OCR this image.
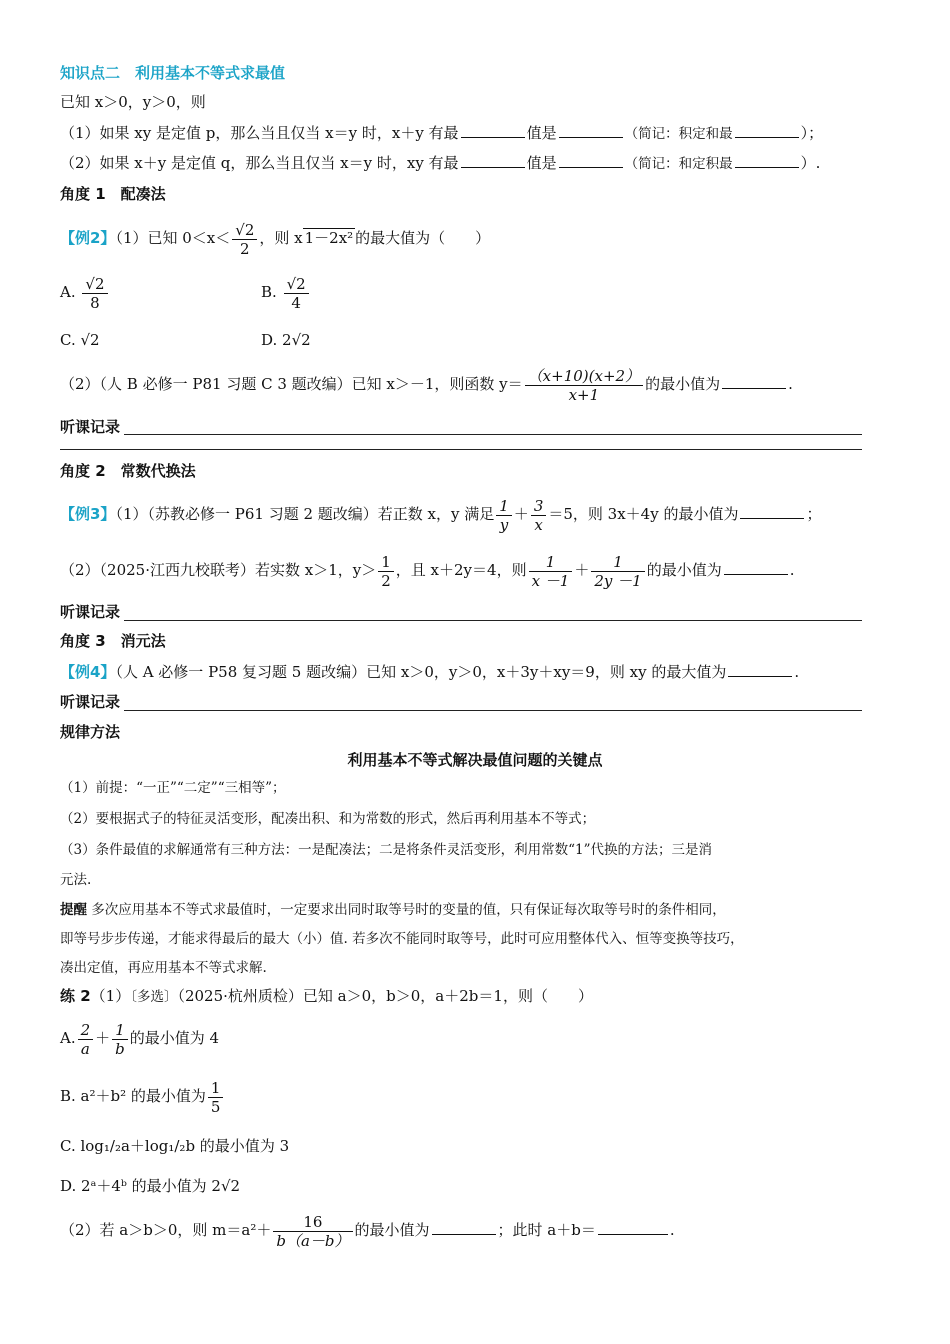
知识点二　利用基本不等式求最值
已知 x＞0，y＞0，则
（1）如果 xy 是定值 p，那么当且仅当 x＝y 时，x＋y 有最	值是	（简记：积定和最	）；
（2）如果 x＋y 是定值 q，那么当且仅当 x＝y 时，xy 有最	值是	（简记：和定积最	）.
角度 1　配凑法
【例2】（1）已知 $0<x< \frac{√2}{2}$ ，则 x 1－2x² 的最大值为（　　）
A. $\frac{√2}{8}$	B. $\frac{√2}{4}$
C. √2	D. 2√2
（2）（人 B 必修一 P81 习题 C 3 题改编）已知 x＞－1，则函数 $y= \frac{(x+10)(x+2)}{x+1}$ 的最小值为	.
听课记录
角度 2　常数代换法
【例3】（1）（苏教必修一 P61 习题 2 题改编）若正数 x，y 满足 $\frac{1}{y} + \frac{3}{x} =5$，则 3x＋4y 的最小值为	；
（2）（2025·江西九校联考）若实数 x＞1，$y> \frac{1}{2}$ ，且 x＋2y＝4，则 $\frac{1}{x -1} + \frac{1}{2y -1}$ 的最小值为	.
听课记录
角度 3　消元法
【例4】（人 A 必修一 P58 复习题 5 题改编）已知 x＞0，y＞0，x＋3y＋xy＝9，则 xy 的最大值为	.
听课记录
规律方法
利用基本不等式解决最值问题的关键点
（1）前提：“一正”“二定”“三相等”；
（2）要根据式子的特征灵活变形，配凑出积、和为常数的形式，然后再利用基本不等式；
（3）条件最值的求解通常有三种方法：一是配凑法；二是将条件灵活变形，利用常数“1”代换的方法；三是消
元法.
提醒 多次应用基本不等式求最值时，一定要求出同时取等号时的变量的值，只有保证每次取等号时的条件相同，
即等号步步传递，才能求得最后的最大（小）值. 若多次不能同时取等号，此时可应用整体代入、恒等变换等技巧，
凑出定值，再应用基本不等式求解.
练 2（1）〔多选〕（2025·杭州质检）已知 a＞0，b＞0，a＋2b＝1，则（　　）
A. $\frac{2}{a} + \frac{1}{b}$ 的最小值为 4
B. a²＋b² 的最小值为 $\frac{1}{5}$
C. log₁/₂a＋log₁/₂b 的最小值为 3
D. 2ᵃ＋4ᵇ 的最小值为 2√2
（2）若 a＞b＞0，则 $m=a^2+ \frac{16}{b(a-b)}$ 的最小值为	；此时 a＋b＝	.
